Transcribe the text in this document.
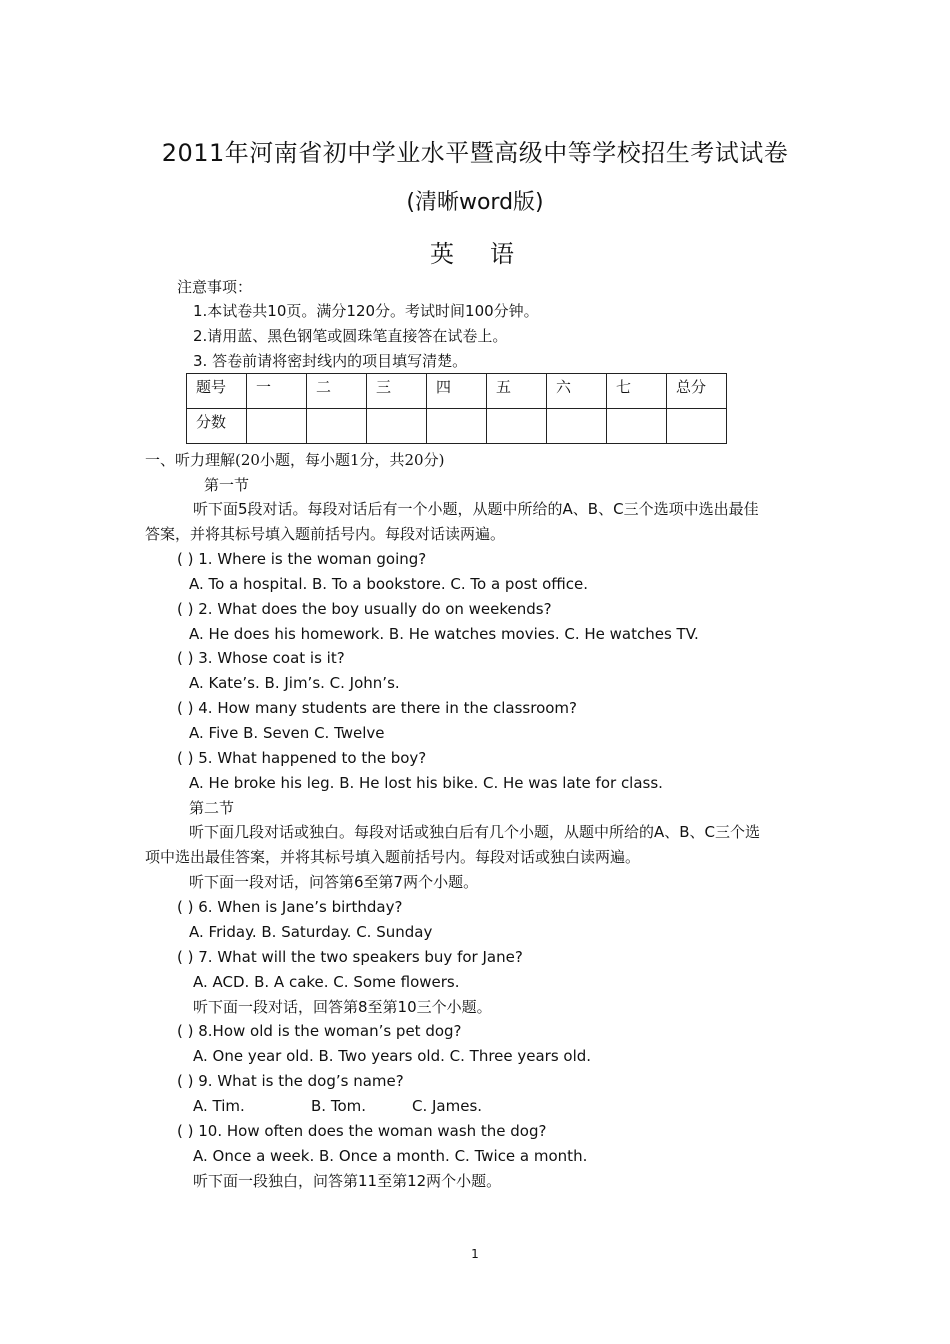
2011年河南省初中学业水平暨高级中等学校招生考试试卷
(清晰word版)
英　语
注意事项：
1.本试卷共10页。满分120分。考试时间100分钟。
2.请用蓝、黑色钢笔或圆珠笔直接答在试卷上。
3. 答卷前请将密封线内的项目填写清楚。
题号	一	二	三	四	五	六	七	总分
分数								
一、听力理解(20小题，每小题1分，共20分)
第一节
听下面5段对话。每段对话后有一个小题，从题中所给的A、B、C三个选项中选出最佳
答案，并将其标号填入题前括号内。每段对话读两遍。
( ) 1. Where is the woman going?
A. To a hospital. B. To a bookstore. C. To a post office.
( ) 2. What does the boy usually do on weekends?
A. He does his homework. B. He watches movies. C. He watches TV.
( ) 3. Whose coat is it?
A. Kate’s. B. Jim’s. C. John’s.
( ) 4. How many students are there in the classroom?
A. Five B. Seven C. Twelve
( ) 5. What happened to the boy?
A. He broke his leg. B. He lost his bike. C. He was late for class.
第二节
听下面几段对话或独白。每段对话或独白后有几个小题，从题中所给的A、B、C三个选
项中选出最佳答案，并将其标号填入题前括号内。每段对话或独白读两遍。
听下面一段对话，问答第6至第7两个小题。
( ) 6. When is Jane’s birthday?
A. Friday. B. Saturday. C. Sunday
( ) 7. What will the two speakers buy for Jane?
A. ACD. B. A cake. C. Some flowers.
听下面一段对话，回答第8至第10三个小题。
( ) 8.How old is the woman’s pet dog?
A. One year old. B. Two years old. C. Three years old.
( ) 9. What is the dog’s name?
A. Tim.	B. Tom.	C. James.
( ) 10. How often does the woman wash the dog?
A. Once a week. B. Once a month. C. Twice a month.
听下面一段独白，问答第11至第12两个小题。
1
